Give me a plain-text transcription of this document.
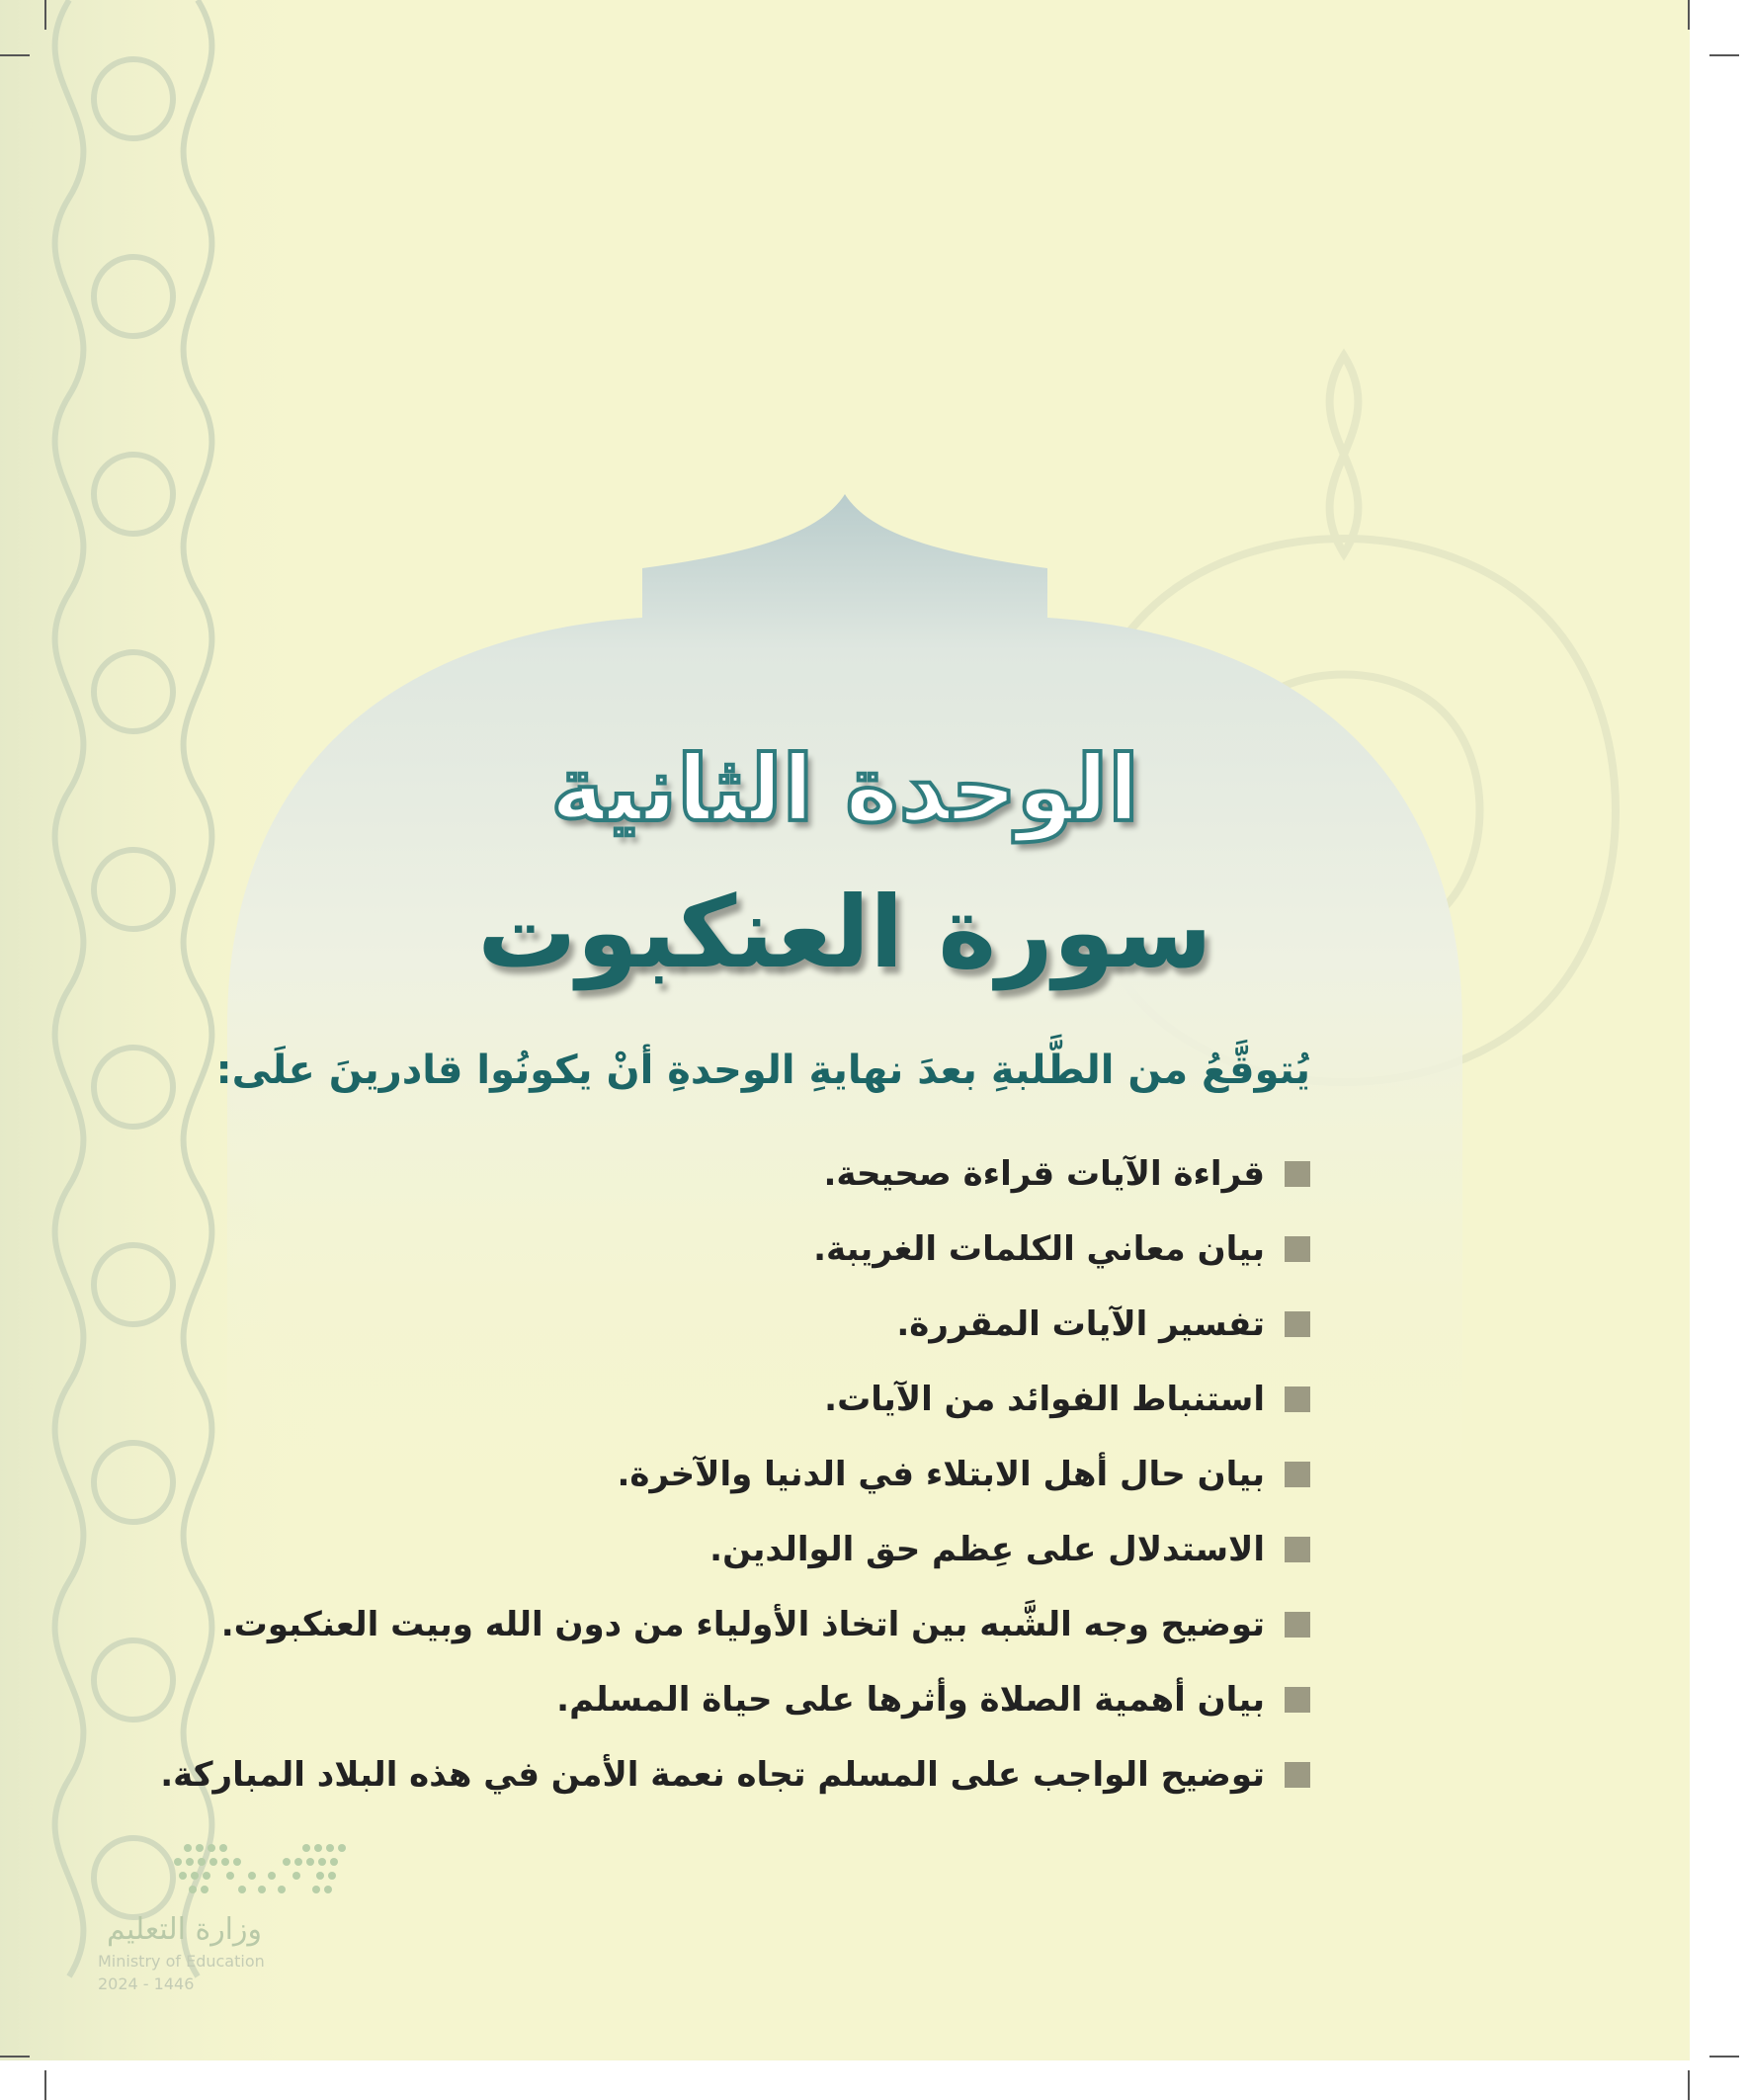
الوحدة الثانية
سورة العنكبوت
يُتوقَّعُ من الطَّلبةِ بعدَ نهايةِ الوحدةِ أنْ يكونُوا قادرينَ علَى:
قراءة الآيات قراءة صحيحة.
بيان معاني الكلمات الغريبة.
تفسير الآيات المقررة.
استنباط الفوائد من الآيات.
بيان حال أهل الابتلاء في الدنيا والآخرة.
الاستدلال على عِظم حق الوالدين.
توضيح وجه الشَّبه بين اتخاذ الأولياء من دون الله وبيت العنكبوت.
بيان أهمية الصلاة وأثرها على حياة المسلم.
توضيح الواجب على المسلم تجاه نعمة الأمن في هذه البلاد المباركة.
وزارة التعليم
Ministry of Education
2024 - 1446
